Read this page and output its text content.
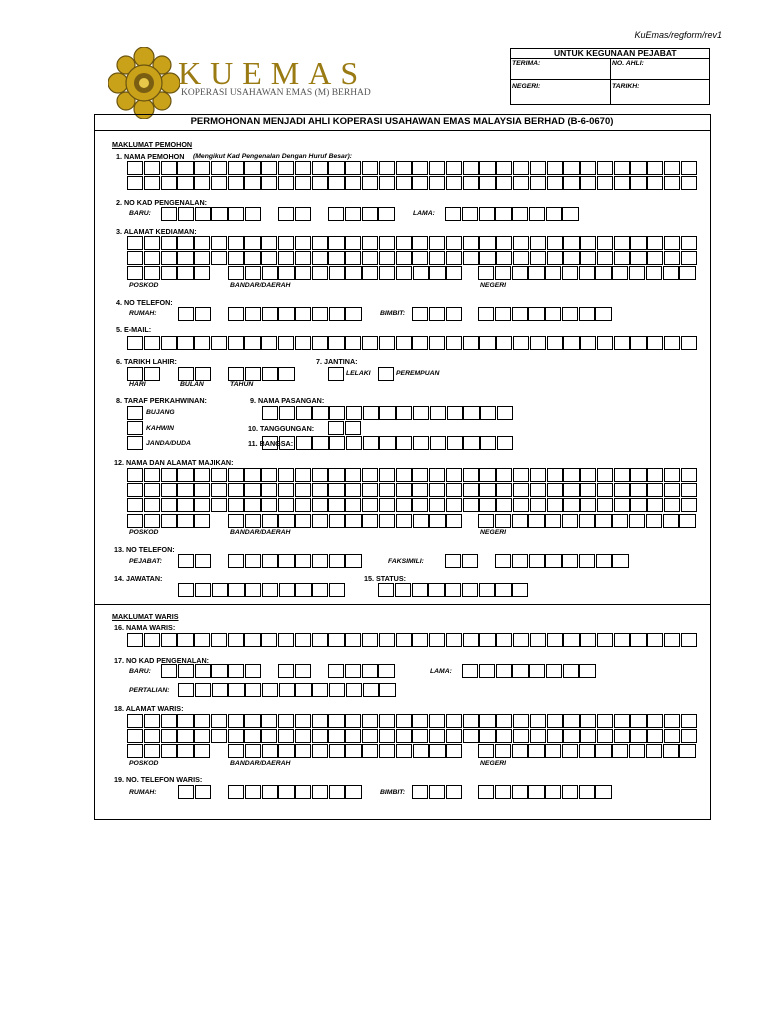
KuEmas/regform/rev1
KUEMAS
KOPERASI USAHAWAN EMAS (M) BERHAD
UNTUK KEGUNAAN PEJABAT
TERIMA:	NO. AHLI:
NEGERI:	TARIKH:
PERMOHONAN MENJADI AHLI KOPERASI USAHAWAN EMAS MALAYSIA BERHAD (B-6-0670)
MAKLUMAT PEMOHON
1. NAMA PEMOHON (Mengikut Kad Pengenalan Dengan Huruf Besar):
2. NO KAD PENGENALAN:
BARU:	LAMA:
3. ALAMAT KEDIAMAN:
POSKOD	BANDAR/DAERAH	NEGERI
4. NO TELEFON:
RUMAH:	BIMBIT:
5. E-MAIL:
6. TARIKH LAHIR:
HARI	BULAN	TAHUN
7. JANTINA:
LELAKI	PEREMPUAN
8. TARAF PERKAHWINAN:
BUJANG
KAHWIN
JANDA/DUDA
9. NAMA PASANGAN:
10. TANGGUNGAN:
11. BANGSA:
12. NAMA DAN ALAMAT MAJIKAN:
POSKOD	BANDAR/DAERAH	NEGERI
13. NO TELEFON:
PEJABAT:	FAKSIMILI:
14. JAWATAN:	15. STATUS:
MAKLUMAT WARIS
16. NAMA WARIS:
17. NO KAD PENGENALAN:
BARU:	LAMA:
PERTALIAN:
18. ALAMAT WARIS:
POSKOD	BANDAR/DAERAH	NEGERI
19. NO. TELEFON WARIS:
RUMAH:	BIMBIT:
